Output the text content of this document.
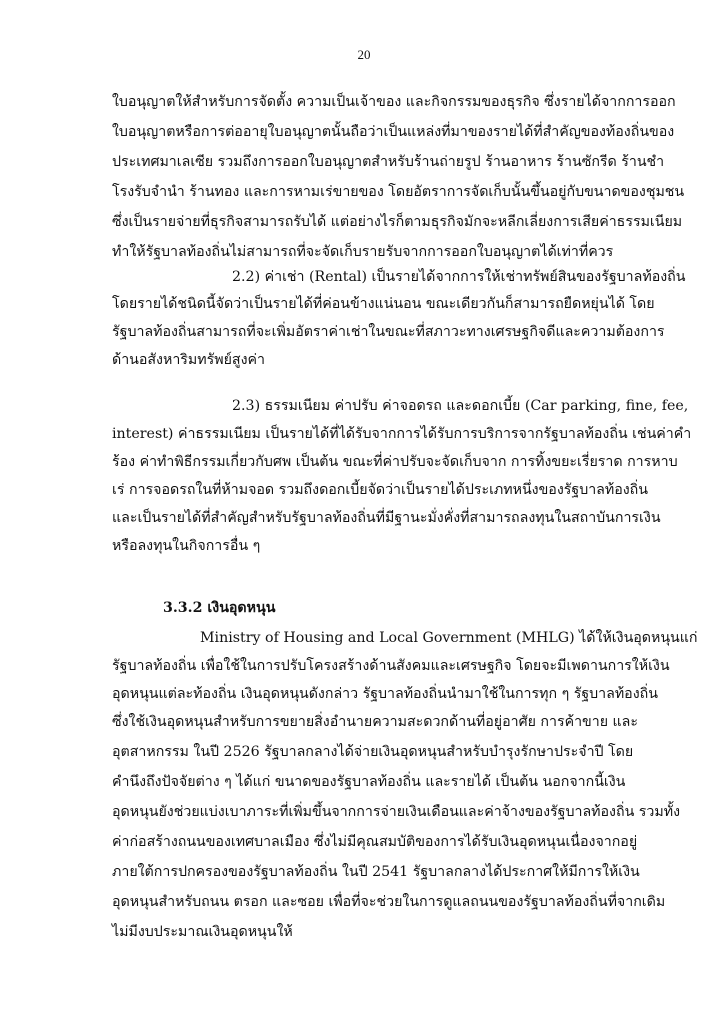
20
ใบอนุญาตให้สำหรับการจัดตั้ง ความเป็นเจ้าของ และกิจกรรมของธุรกิจ ซึ่งรายได้จากการออก
ใบอนุญาตหรือการต่ออายุใบอนุญาตนั้นถือว่าเป็นแหล่งที่มาของรายได้ที่สำคัญของท้องถิ่นของ
ประเทศมาเลเซีย รวมถึงการออกใบอนุญาตสำหรับร้านถ่ายรูป ร้านอาหาร ร้านซักรีด ร้านชำ
โรงรับจำนำ ร้านทอง และการหามเร่ขายของ โดยอัตราการจัดเก็บนั้นขึ้นอยู่กับขนาดของชุมชน
ซึ่งเป็นรายจ่ายที่ธุรกิจสามารถรับได้ แต่อย่างไรก็ตามธุรกิจมักจะหลีกเลี่ยงการเสียค่าธรรมเนียม
ทำให้รัฐบาลท้องถิ่นไม่สามารถที่จะจัดเก็บรายรับจากการออกใบอนุญาตได้เท่าที่ควร
2.2) ค่าเช่า (Rental) เป็นรายได้จากการให้เช่าทรัพย์สินของรัฐบาลท้องถิ่น
โดยรายได้ชนิดนี้จัดว่าเป็นรายได้ที่ค่อนข้างแน่นอน ขณะเดียวกันก็สามารถยืดหยุ่นได้ โดย
รัฐบาลท้องถิ่นสามารถที่จะเพิ่มอัตราค่าเช่าในขณะที่สภาวะทางเศรษฐกิจดีและความต้องการ
ด้านอสังหาริมทรัพย์สูงค่า
2.3) ธรรมเนียม ค่าปรับ ค่าจอดรถ และดอกเบี้ย (Car parking, fine, fee,
interest) ค่าธรรมเนียม เป็นรายได้ที่ได้รับจากการได้รับการบริการจากรัฐบาลท้องถิ่น เช่นค่าคำ
ร้อง ค่าทำพิธีกรรมเกี่ยวกับศพ เป็นต้น ขณะที่ค่าปรับจะจัดเก็บจาก การทิ้งขยะเรี่ยราด การหาบ
เร่ การจอดรถในที่ห้ามจอด รวมถึงดอกเบี้ยจัดว่าเป็นรายได้ประเภทหนึ่งของรัฐบาลท้องถิ่น
และเป็นรายได้ที่สำคัญสำหรับรัฐบาลท้องถิ่นที่มีฐานะมั่งคั่งที่สามารถลงทุนในสถาบันการเงิน
หรือลงทุนในกิจการอื่น ๆ
3.3.2 เงินอุดหนุน
Ministry of Housing and Local Government (MHLG) ได้ให้เงินอุดหนุนแก่
รัฐบาลท้องถิ่น เพื่อใช้ในการปรับโครงสร้างด้านสังคมและเศรษฐกิจ โดยจะมีเพดานการให้เงิน
อุดหนุนแต่ละท้องถิ่น เงินอุดหนุนดังกล่าว รัฐบาลท้องถิ่นนำมาใช้ในการทุก ๆ รัฐบาลท้องถิ่น
ซึ่งใช้เงินอุดหนุนสำหรับการขยายสิ่งอำนายความสะดวกด้านที่อยู่อาศัย การค้าขาย และ
อุตสาหกรรม ในปี 2526 รัฐบาลกลางได้จ่ายเงินอุดหนุนสำหรับบำรุงรักษาประจำปี โดย
คำนึงถึงปัจจัยต่าง ๆ ได้แก่ ขนาดของรัฐบาลท้องถิ่น และรายได้ เป็นต้น นอกจากนี้เงิน
อุดหนุนยังช่วยแบ่งเบาภาระที่เพิ่มขึ้นจากการจ่ายเงินเดือนและค่าจ้างของรัฐบาลท้องถิ่น รวมทั้ง
ค่าก่อสร้างถนนของเทศบาลเมือง ซึ่งไม่มีคุณสมบัติของการได้รับเงินอุดหนุนเนื่องจากอยู่
ภายใต้การปกครองของรัฐบาลท้องถิ่น ในปี 2541 รัฐบาลกลางได้ประกาศให้มีการให้เงิน
อุดหนุนสำหรับถนน ตรอก และซอย เพื่อที่จะช่วยในการดูแลถนนของรัฐบาลท้องถิ่นที่จากเดิม
ไม่มีงบประมาณเงินอุดหนุนให้
